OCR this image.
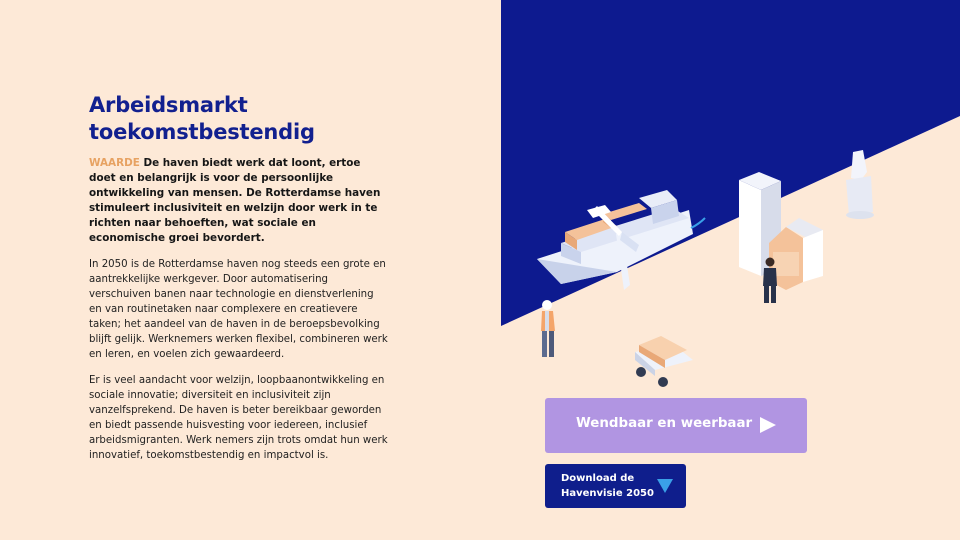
Arbeidsmarkt
toekomstbestendig

WAARDE De haven biedt werk dat loont, ertoe doet en belangrijk is voor de persoonlijke ontwikkeling van mensen. De Rotterdamse haven stimuleert inclusiviteit en welzijn door werk in te richten naar behoeften, wat sociale en economische groei bevordert.

In 2050 is de Rotterdamse haven nog steeds een grote en aantrekkelijke werkgever. Door automatisering verschuiven banen naar technologie en dienstverlening en van routinetaken naar complexere en creatievere taken; het aandeel van de haven in de beroepsbevolking blijft gelijk. Werknemers werken flexibel, combineren werk en leren, en voelen zich gewaardeerd.

Er is veel aandacht voor welzijn, loopbaanontwikkeling en sociale innovatie; diversiteit en inclusiviteit zijn vanzelfsprekend. De haven is beter bereikbaar geworden en biedt passende huisvesting voor iedereen, inclusief arbeidsmigranten. Werk nemers zijn trots omdat hun werk innovatief, toekomstbestendig en impactvol is.

Wendbaar en weerbaar
Download de
Havenvisie 2050
